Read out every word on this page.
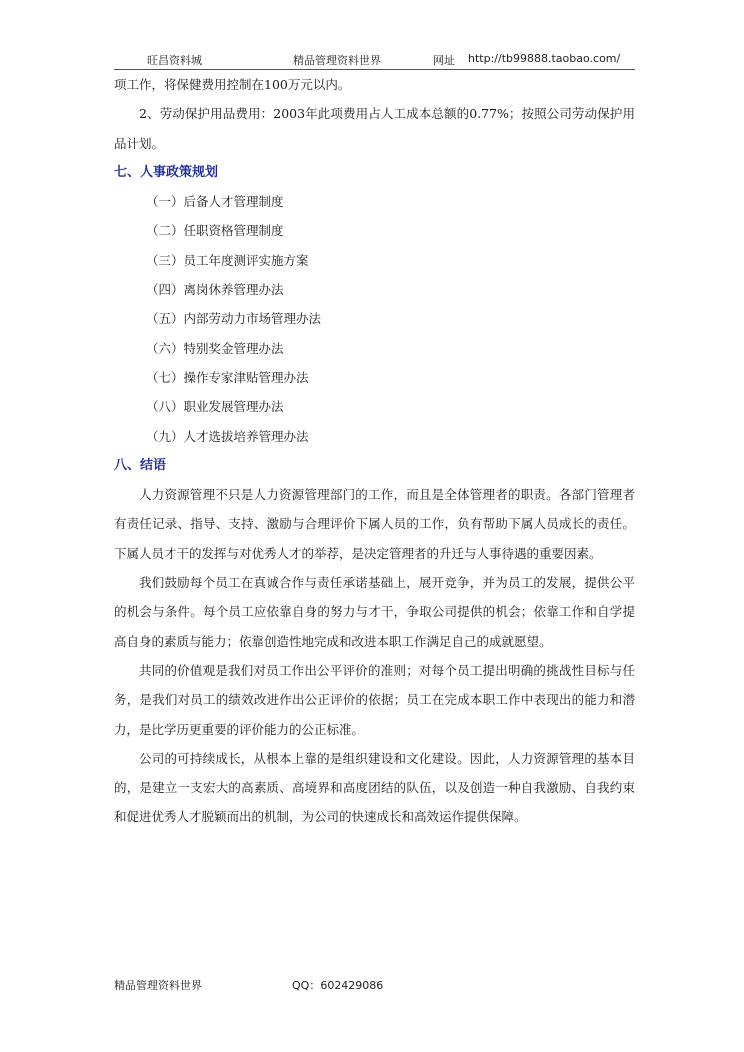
旺昌资料城	精品管理资料世界	网址 http://tb99888.taobao.com/

项工作，将保健费用控制在100万元以内。

2、劳动保护用品费用：2003年此项费用占人工成本总额的0.77%；按照公司劳动保护用品计划。

七、人事政策规划
（一）后备人才管理制度
（二）任职资格管理制度
（三）员工年度测评实施方案
（四）离岗休养管理办法
（五）内部劳动力市场管理办法
（六）特别奖金管理办法
（七）操作专家津贴管理办法
（八）职业发展管理办法
（九）人才选拔培养管理办法
八、结语

人力资源管理不只是人力资源管理部门的工作，而且是全体管理者的职责。各部门管理者有责任记录、指导、支持、激励与合理评价下属人员的工作，负有帮助下属人员成长的责任。下属人员才干的发挥与对优秀人才的举荐，是决定管理者的升迁与人事待遇的重要因素。

我们鼓励每个员工在真诚合作与责任承诺基础上，展开竞争，并为员工的发展，提供公平的机会与条件。每个员工应依靠自身的努力与才干，争取公司提供的机会；依靠工作和自学提高自身的素质与能力；依靠创造性地完成和改进本职工作满足自己的成就愿望。

共同的价值观是我们对员工作出公平评价的准则；对每个员工提出明确的挑战性目标与任务，是我们对员工的绩效改进作出公正评价的依据；员工在完成本职工作中表现出的能力和潜力，是比学历更重要的评价能力的公正标准。

公司的可持续成长，从根本上靠的是组织建设和文化建设。因此，人力资源管理的基本目的，是建立一支宏大的高素质、高境界和高度团结的队伍，以及创造一种自我激励、自我约束和促进优秀人才脱颖而出的机制，为公司的快速成长和高效运作提供保障。

精品管理资料世界	QQ：602429086
